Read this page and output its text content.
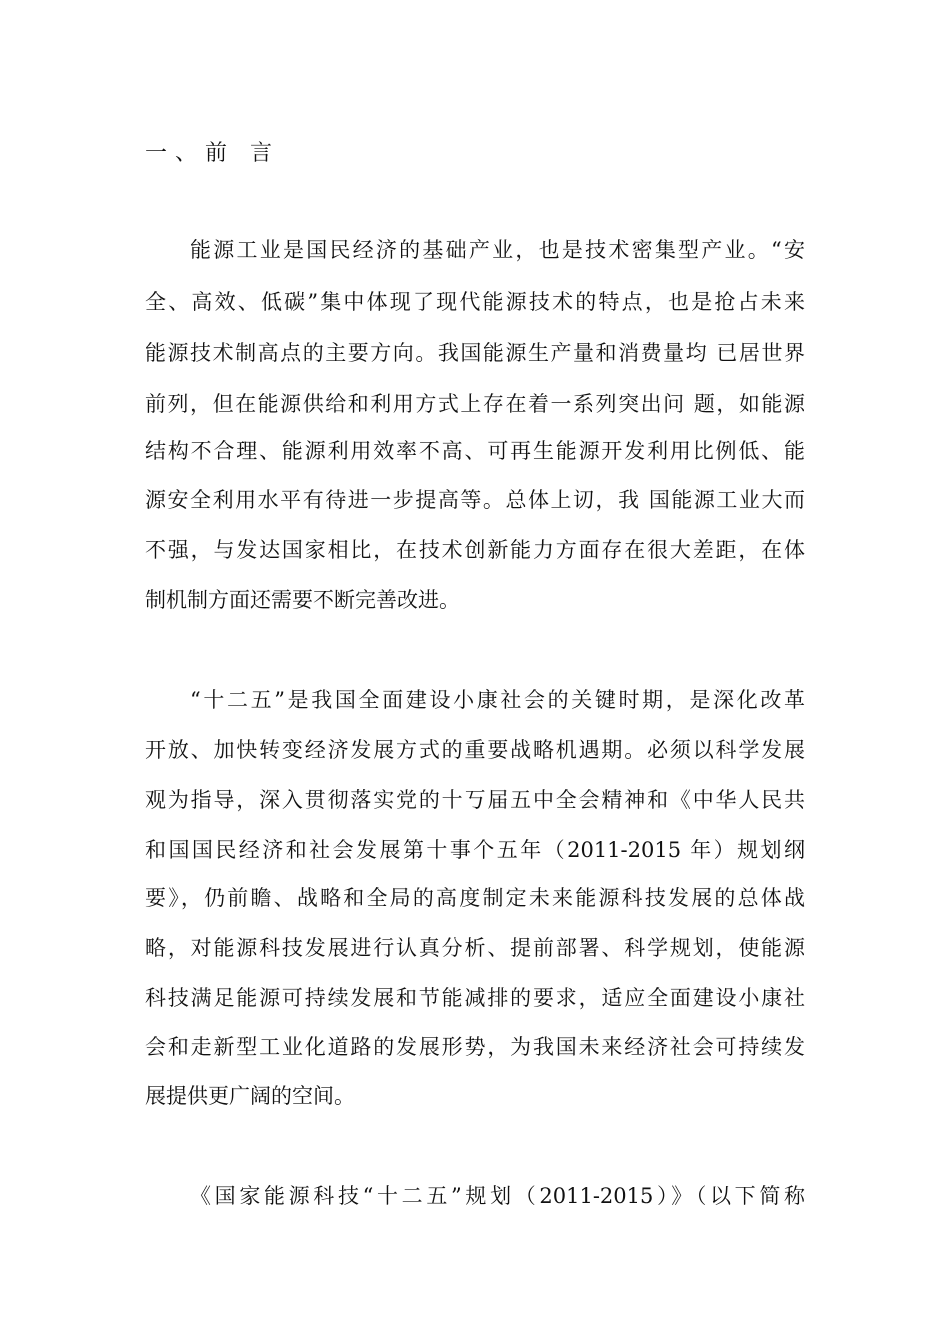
一、前 言
能源工业是国民经济的基础产业，也是技术密集型产业。“安
全、高效、低碳”集中体现了现代能源技术的特点，也是抢占未来
能源技术制高点的主要方向。我国能源生产量和消费量均 已居世界
前列，但在能源供给和利用方式上存在着一系列突出问 题，如能源
结构不合理、能源利用效率不高、可再生能源开发利用比例低、能
源安全利用水平有待进一步提高等。总体上讱，我 国能源工业大而
不强，与发达国家相比，在技术创新能力方面存在很大差距，在体
制机制方面还需要不断完善改进。
“十二五”是我国全面建设小康社会的关键时期，是深化改革
开放、加快转变经济发展方式的重要战略机遇期。必须以科学发展
观为指导，深入贯彻落实党的十丂届五中全会精神和《中华人民共
和国国民经济和社会发展第十事个五年（2011-2015 年）规划纲
要》，仍前瞻、战略和全局的高度制定未来能源科技发展的总体战
略，对能源科技发展进行认真分析、提前部署、科学规划，使能源
科技满足能源可持续发展和节能减排的要求，适应全面建设小康社
会和走新型工业化道路的发展形势，为我国未来经济社会可持续发
展提供更广阔的空间。
《国家能源科技“十二五”规划（2011-2015）》（以下简称
